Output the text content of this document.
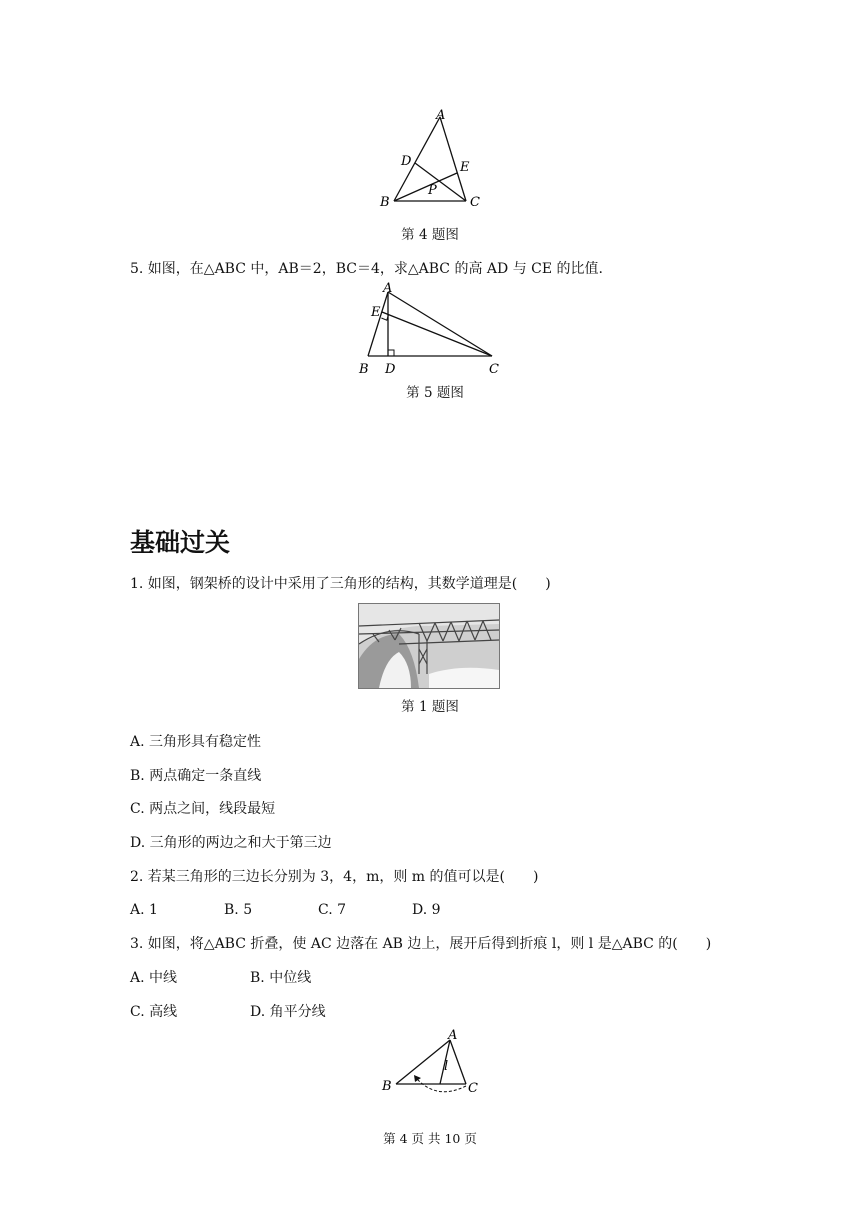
A
B	C
D	E
P
第 4 题图
5. 如图，在△ABC 中，AB＝2，BC＝4，求△ABC 的高 AD 与 CE 的比值.
A
E
B D	C
第 5 题图
基础过关
1. 如图，钢架桥的设计中采用了三角形的结构，其数学道理是(　　)
第 1 题图
A. 三角形具有稳定性
B. 两点确定一条直线
C. 两点之间，线段最短
D. 三角形的两边之和大于第三边
2. 若某三角形的三边长分别为 3，4，m，则 m 的值可以是(　　)
A. 1	B. 5	C. 7	D. 9
3. 如图，将△ABC 折叠，使 AC 边落在 AB 边上，展开后得到折痕 l，则 l 是△ABC 的(　　)
A. 中线	B. 中位线
C. 高线	D. 角平分线
A
B	C
l
第 4 页 共 10 页
